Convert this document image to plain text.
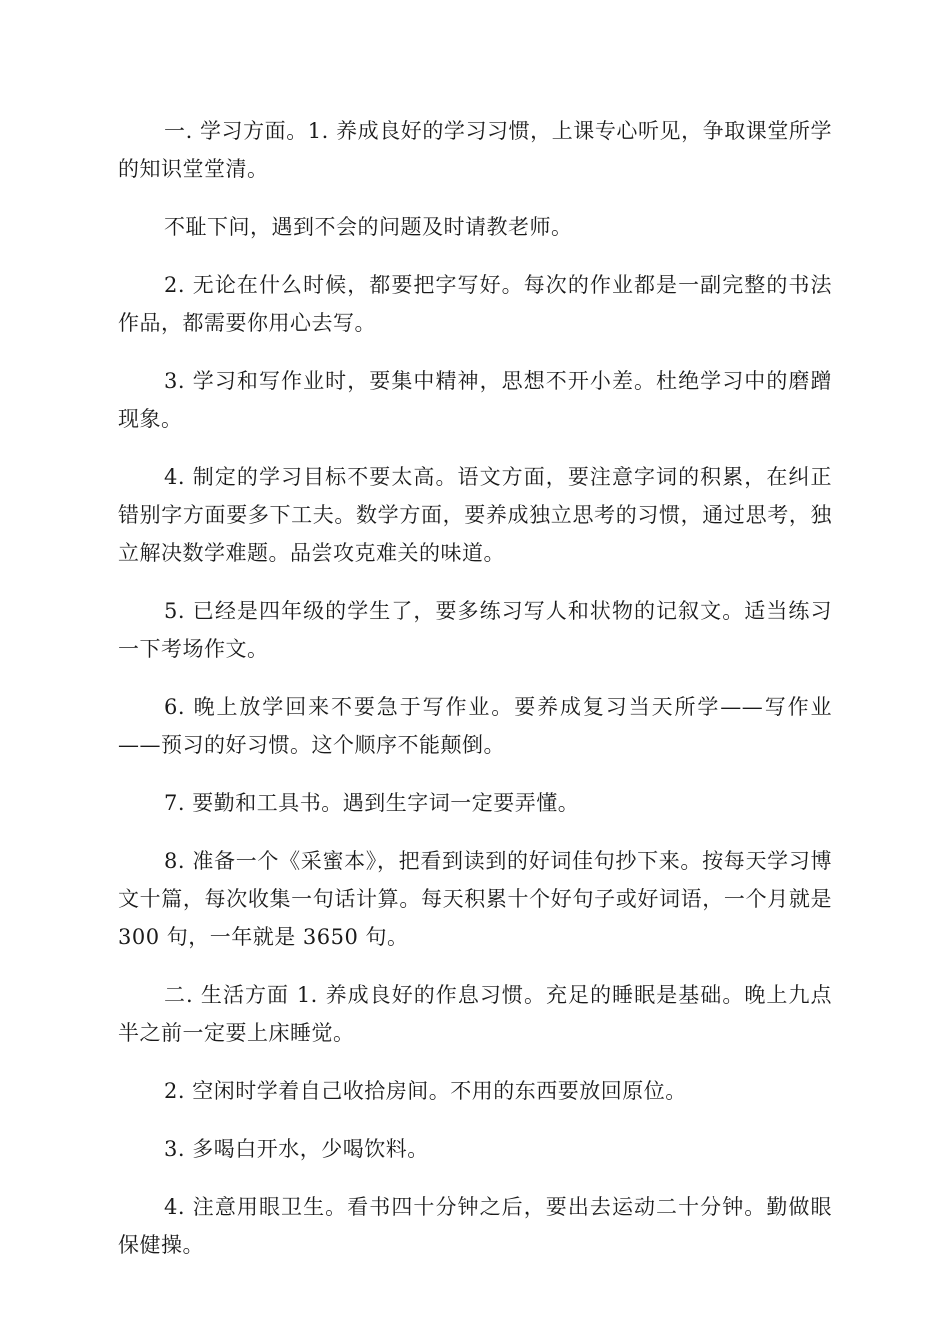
一. 学习方面。1. 养成良好的学习习惯，上课专心听见，争取课堂所学的知识堂堂清。

不耻下问，遇到不会的问题及时请教老师。

2. 无论在什么时候，都要把字写好。每次的作业都是一副完整的书法作品，都需要你用心去写。

3. 学习和写作业时，要集中精神，思想不开小差。杜绝学习中的磨蹭现象。

4. 制定的学习目标不要太高。语文方面，要注意字词的积累，在纠正错别字方面要多下工夫。数学方面，要养成独立思考的习惯，通过思考，独立解决数学难题。品尝攻克难关的味道。

5. 已经是四年级的学生了，要多练习写人和状物的记叙文。适当练习一下考场作文。

6. 晚上放学回来不要急于写作业。要养成复习当天所学——写作业——预习的好习惯。这个顺序不能颠倒。

7. 要勤和工具书。遇到生字词一定要弄懂。

8. 准备一个《采蜜本》，把看到读到的好词佳句抄下来。按每天学习博文十篇，每次收集一句话计算。每天积累十个好句子或好词语，一个月就是 300 句，一年就是 3650 句。

二. 生活方面 1. 养成良好的作息习惯。充足的睡眠是基础。晚上九点半之前一定要上床睡觉。

2. 空闲时学着自己收拾房间。不用的东西要放回原位。

3. 多喝白开水，少喝饮料。

4. 注意用眼卫生。看书四十分钟之后，要出去运动二十分钟。勤做眼保健操。
